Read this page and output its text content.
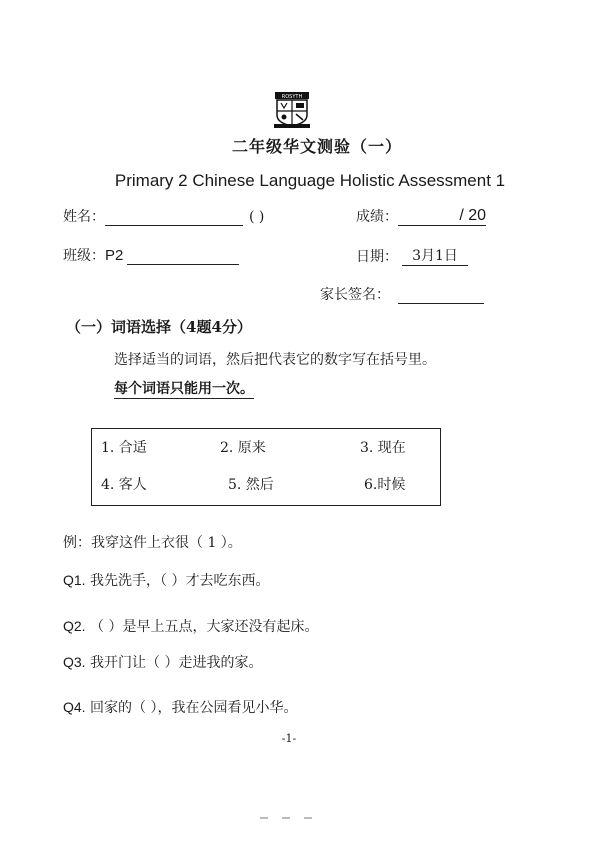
ROSYTH
二年级华文测验（一）
Primary 2 Chinese Language Holistic Assessment 1
姓名：	( )	成绩：	/ 20
班级：P2	日期： 3月1日
家长签名：
（一）词语选择（4题4分）
选择适当的词语，然后把代表它的数字写在括号里。
每个词语只能用一次。
1. 合适	2. 原来	3. 现在
4. 客人	5. 然后	6.时候
例：我穿这件上衣很（ 1 ）。
Q1. 我先洗手，（ ）才去吃东西。
Q2. （ ）是早上五点，大家还没有起床。
Q3. 我开门让（ ）走进我的家。
Q4. 回家的（ ），我在公园看见小华。
-1-
